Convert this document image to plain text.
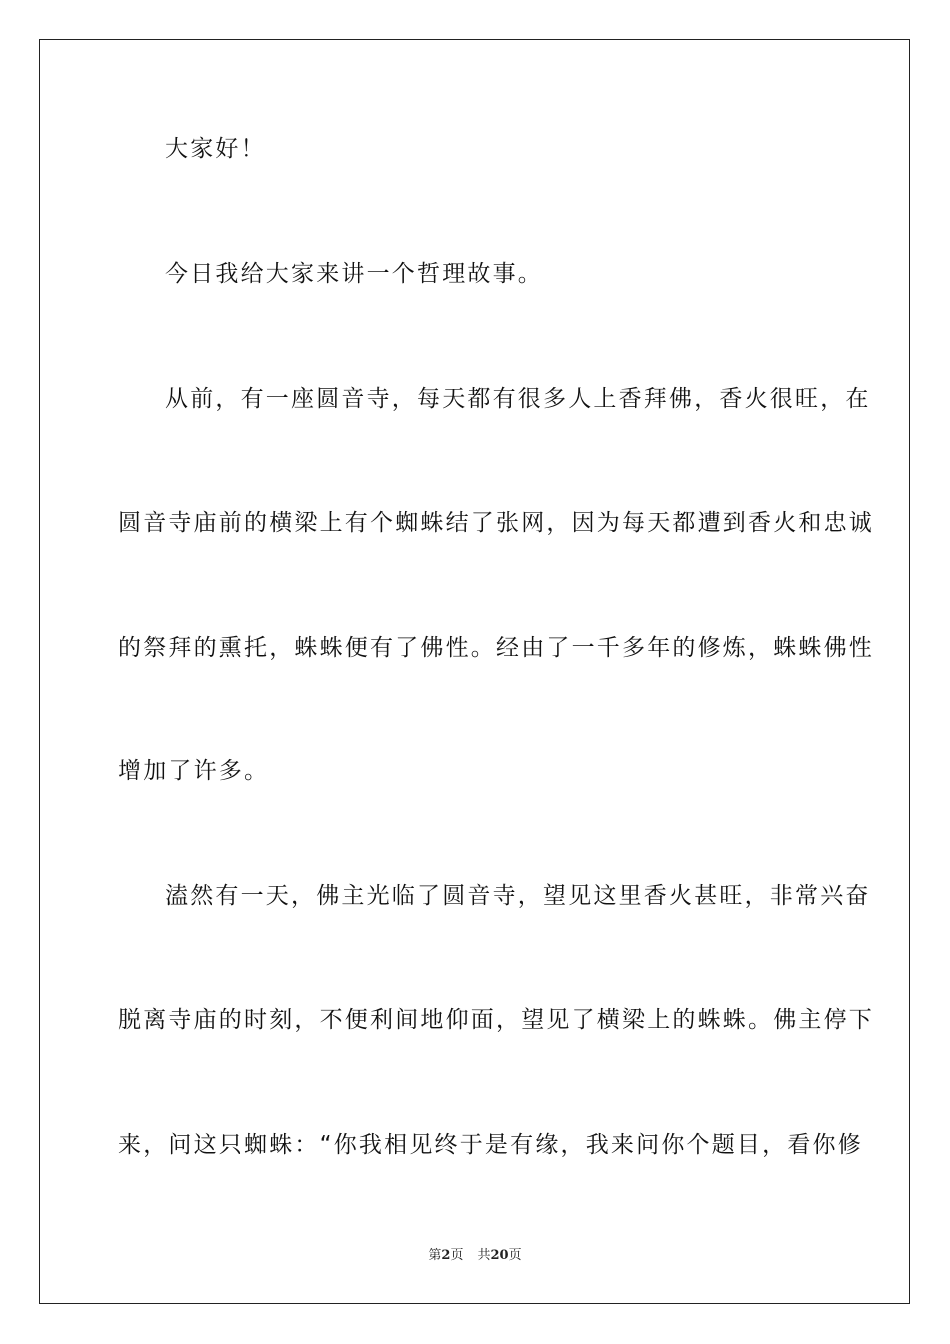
大家好！
今日我给大家来讲一个哲理故事。
从前，有一座圆音寺，每天都有很多人上香拜佛，香火很旺，在
圆音寺庙前的横梁上有个蜘蛛结了张网，因为每天都遭到香火和忠诚
的祭拜的熏托，蛛蛛便有了佛性。经由了一千多年的修炼，蛛蛛佛性
增加了许多。
溘然有一天，佛主光临了圆音寺，望见这里香火甚旺，非常兴奋
脱离寺庙的时刻，不便利间地仰面，望见了横梁上的蛛蛛。佛主停下
来，问这只蜘蛛：“你我相见终于是有缘，我来问你个题目，看你修
第2页 共20页
